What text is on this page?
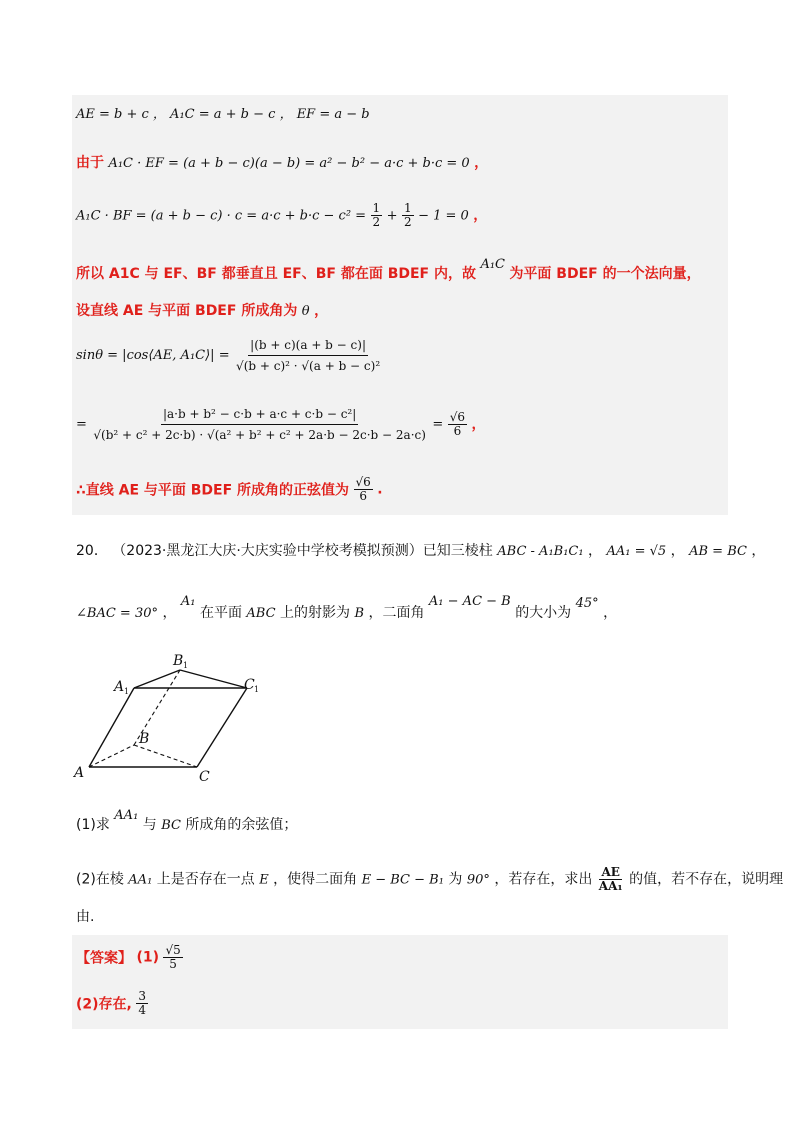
AE = b + c ， A₁C = a + b − c ， EF = a − b
由于 A₁C · EF = (a + b − c)(a − b) = a² − b² − a·c + b·c = 0 ，
A₁C · BF = $(a + b - c) \cdot c = a\cdot c + b\cdot c - c^2 = \frac{1}{2} + \frac{1}{2} - 1 = 0$ ，
所以 A1C 与 EF、BF 都垂直且 EF、BF 都在面 BDEF 内，故 A₁C 为平面 BDEF 的一个法向量，
设直线 AE 与平面 BDEF 所成角为 θ ，
sinθ = |cos⟨AE, A₁C⟩| = $\frac{|(b + c)(a + b - c)|}{\text{√(b + c)² · √(a + b − c)²}}$
= $\frac{\text{|a·b + b² − c·b + a·c + c·b − c²|}}{\text{√(b² + c² + 2c·b) · √(a² + b² + c² + 2a·b − 2c·b − 2a·c)}} = \frac{√6}{6}$ ，
∴直线 AE 与平面 BDEF 所成角的正弦值为 $\frac{√6}{6}$ .
20． （2023·黑龙江大庆·大庆实验中学校考模拟预测）已知三棱柱 ABC - A₁B₁C₁ ， AA₁ = √5 ， AB = BC ，
∠BAC = 30° ， A₁ 在平面 ABC 上的射影为 B ，二面角 A₁ − AC − B 的大小为 45° ，
A
B
C
A
B
C
1
1
1
(1)求 AA₁ 与 BC 所成角的余弦值；
(2)在棱 AA₁ 上是否存在一点 E ，使得二面角 E − BC − B₁ 为 90° ，若存在，求出 $\frac{AE}{\text{AA₁}}$ 的值，若不存在，说明理
由.
【答案】 $(1) \frac{√5}{5}$
(2)存在, $\frac{3}{4}$
